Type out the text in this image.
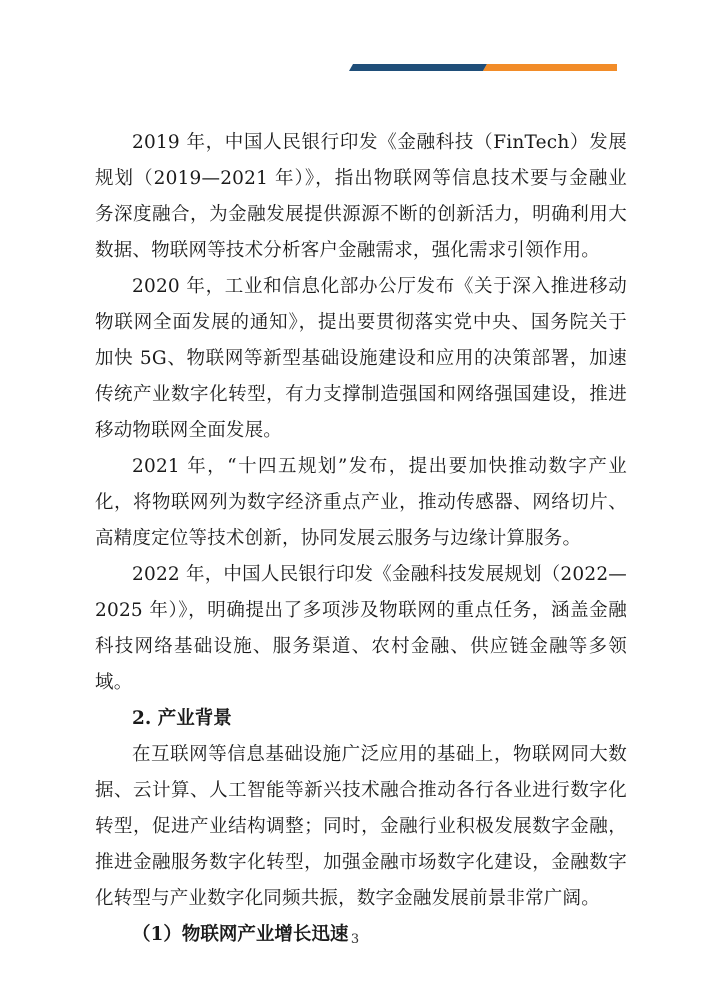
2019 年，中国人民银行印发《金融科技（FinTech）发展规划（2019—2021 年）》，指出物联网等信息技术要与金融业务深度融合，为金融发展提供源源不断的创新活力，明确利用大数据、物联网等技术分析客户金融需求，强化需求引领作用。

2020 年，工业和信息化部办公厅发布《关于深入推进移动物联网全面发展的通知》，提出要贯彻落实党中央、国务院关于加快 5G、物联网等新型基础设施建设和应用的决策部署，加速传统产业数字化转型，有力支撑制造强国和网络强国建设，推进移动物联网全面发展。

2021 年，“十四五规划”发布，提出要加快推动数字产业化，将物联网列为数字经济重点产业，推动传感器、网络切片、高精度定位等技术创新，协同发展云服务与边缘计算服务。

2022 年，中国人民银行印发《金融科技发展规划（2022—2025 年）》，明确提出了多项涉及物联网的重点任务，涵盖金融科技网络基础设施、服务渠道、农村金融、供应链金融等多领域。

2. 产业背景

在互联网等信息基础设施广泛应用的基础上，物联网同大数据、云计算、人工智能等新兴技术融合推动各行各业进行数字化转型，促进产业结构调整；同时，金融行业积极发展数字金融，推进金融服务数字化转型，加强金融市场数字化建设，金融数字化转型与产业数字化同频共振，数字金融发展前景非常广阔。

（1）物联网产业增长迅速 3
